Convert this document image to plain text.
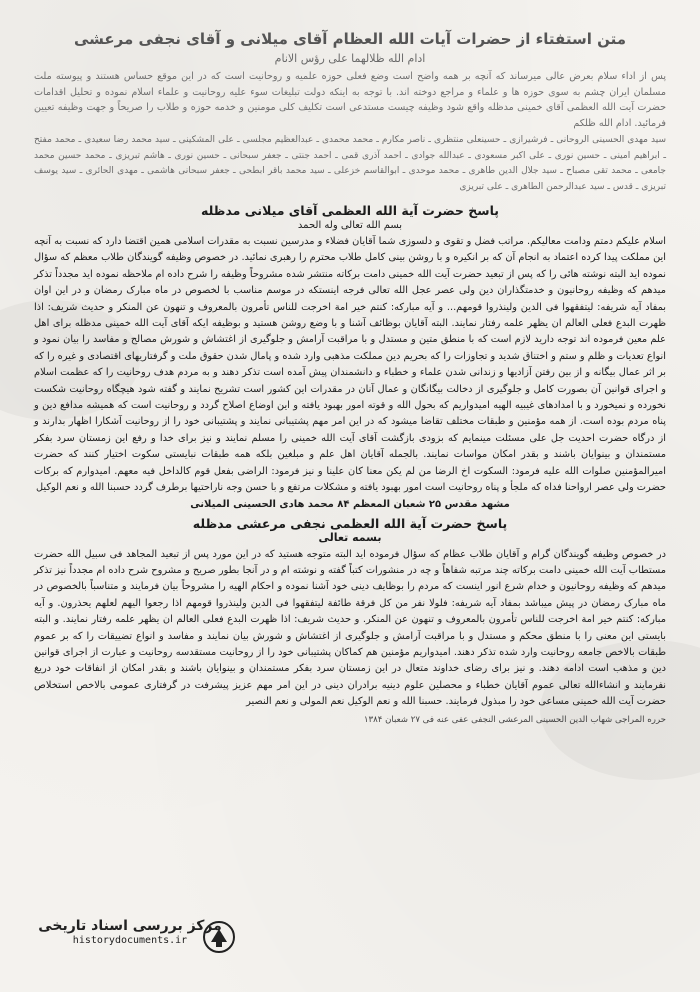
متن استفتاء از حضرات آیات الله العظام آقای میلانی و آقای نجفی مرعشی
ادام الله ظلالهما علی رؤس الانام

پس از اداء سلام بعرض عالی میرساند که آنچه بر همه واضح است وضع فعلی حوزه علمیه و روحانیت است که در این موقع حساس هستند و پیوسته ملت مسلمان ایران چشم به سوی حوزه ها و علماء و مراجع دوخته اند. با توجه به اینکه دولت تبلیغات سوء علیه روحانیت و علماء اسلام نموده و تحلیل اقدامات حضرت آیت الله العظمی آقای خمینی مدظله واقع شود وظیفه چیست مستدعی است تکلیف کلی مومنین و خدمه حوزه و طلاب را صریحاً و جهت وظیفه تعیین فرمائید. ادام الله ظلکم

سید مهدی الحسینی الروحانی ـ فرشیرازی ـ حسینعلی منتظری ـ ناصر مکارم ـ محمد محمدی ـ عبدالعظیم مجلسی ـ علی المشکینی ـ سید محمد رضا سعیدی ـ محمد مفتح ـ ابراهیم امینی ـ حسین نوری ـ علی اکبر مسعودی ـ عبدالله جوادی ـ احمد آذری قمی ـ احمد جنتی ـ جعفر سبحانی ـ حسین نوری ـ هاشم تبریزی ـ محمد حسین محمد جامعی ـ محمد تقی مصباح ـ سید جلال الدین طاهری ـ محمد موحدی ـ ابوالقاسم خزعلی ـ سید محمد باقر ابطحی ـ جعفر سبحانی هاشمی ـ مهدی الحائری ـ سید یوسف تبریزی ـ قدس ـ سید عبدالرحمن الطاهری ـ علی تبریزی

پاسخ حضرت آیة الله العظمی آقای میلانی مدظله
بسم الله تعالی وله الحمد

اسلام علیکم دمتم ودامت معالیکم. مراتب فضل و تقوی و دلسوزی شما آقایان فضلاء و مدرسین نسبت به مقدرات اسلامی همین اقتضا دارد که نسبت به آنچه این مملکت پیدا کرده اعتماد به انجام آن که بر انکیره و با روشن بینی کامل طلاب محترم را رهبری نمائید. در خصوص وظیفه گویندگان طلاب معظم که سؤال نموده اید البته نوشته هائی را که پس از تبعید حضرت آیت الله خمینی دامت برکاته منتشر شده مشروحاً وظیفه را شرح داده ام ملاحظه نموده اید مجدداً تذکر میدهم که وظیفه روحانیون و خدمتگذاران دین ولی عصر عجل الله تعالی فرجه اینستکه در موسم مناسب با لخصوص در ماه مبارک رمضان و در این اوان بمفاد آیه شریفه: لیتفقهوا فی الدین ولینذروا قومهم... و آیه مبارکه: کنتم خیر امة اخرجت للناس تأمرون بالمعروف و تنهون عن المنکر و حدیث شریف: اذا ظهرت البدع فعلی العالم ان یظهر علمه رفتار نمایند. البته آقایان بوظائف آشنا و با وضع روشن هستید و بوظیفه ایکه آقای آیت الله خمینی مدظله برای اهل علم معین فرموده اند توجه دارید لازم است که با منطق متین و مستدل و با مراقبت آرامش و جلوگیری از اغتشاش و شورش مصالح و مفاسد را بیان نمود و انواع تعدیات و ظلم و ستم و اختناق شدید و تجاوزات را که بحریم دین مملکت مذهبی وارد شده و پامال شدن حقوق ملت و گرفتاریهای اقتصادی و غیره را که بر اثر عمال بیگانه و از بین رفتن آزادیها و زندانی شدن علماء و خطباء و دانشمندان پیش آمده است تذکر دهند و به مردم هدف روحانیت را که عظمت اسلام و اجرای قوانین آن بصورت کامل و جلوگیری از دخالت بیگانگان و عمال آنان در مقدرات این کشور است تشریح نمایند و گفته شود هیچگاه روحانیت شکست نخورده و نمیخورد و با امدادهای غیبیه الهیه امیدواریم که بحول الله و قوته امور بهبود یافته و این اوضاع اصلاح گردد و روحانیت است که همیشه مدافع دین و پناه مردم بوده است. از همه مؤمنین و طبقات مختلف تقاضا میشود که در این امر مهم پشتیبانی نمایند و پشتیبانی خود را از روحانیت آشکارا اظهار بدارند و از درگاه حضرت احدیت جل علی مسئلت مینمایم که بزودی بازگشت آقای آیت الله خمینی را مسلم نمایند و نیز برای خدا و رفع این زمستان سرد بفکر مستمندان و بینوایان باشند و بقدر امکان مواسات نمایند. بالجمله آقایان اهل علم و مبلغین بلکه همه طبقات نبایستی سکوت اختیار کنند که حضرت امیرالمؤمنین صلوات الله علیه فرمود: السکوت اخ الرضا من لم یکن معنا کان علینا و نیز فرمود: الراضی بفعل قوم کالداخل فیه معهم. امیدوارم که برکات حضرت ولی عصر ارواحنا فداه که ملجأ و پناه روحانیت است امور بهبود یافته و مشکلات مرتفع و با حسن وجه ناراحتیها برطرف گردد حسبنا الله و نعم الوکیل

مشهد مقدس ۲۵ شعبان المعظم ۸۴ محمد هادی الحسینی المیلانی
پاسخ حضرت آیة الله العظمی نجفی مرعشی مدظله
بسمه تعالی

در خصوص وظیفه گویندگان گرام و آقایان طلاب عظام که سؤال فرموده اید البته متوجه هستید که در این مورد پس از تبعید المجاهد فی سبیل الله حضرت مستطاب آیت الله خمینی دامت برکاته چند مرتبه شفاهاً و چه در منشورات کتباً گفته و نوشته ام و در آنجا بطور صریح و مشروح شرح داده ام مجدداً نیز تذکر میدهم که وظیفه روحانیون و خدام شرع انور اینست که مردم را بوظایف دینی خود آشنا نموده و احکام الهیه را مشروحاً بیان فرمایند و متناسباً بالخصوص در ماه مبارک رمضان در پیش میباشد بمفاد آیه شریفه: فلولا نفر من کل فرقة طائفة لیتفقهوا فی الدین ولینذروا قومهم اذا رجعوا الیهم لعلهم یحذرون. و آیه مبارکه: کنتم خیر امة اخرجت للناس تأمرون بالمعروف و تنهون عن المنکر. و حدیث شریف: اذا ظهرت البدع فعلی العالم ان یظهر علمه رفتار نمایند. و البته بایستی این معنی را با منطق محکم و مستدل و با مراقبت آرامش و جلوگیری از اغتشاش و شورش بیان نمایند و مفاسد و انواع تضییقات را که بر عموم طبقات بالاخص جامعه روحانیت وارد شده تذکر دهند. امیدواریم مؤمنین هم کماکان پشتیبانی خود را از روحانیت مستقدسه روحانیت و عبارت از اجرای قوانین دین و مذهب است ادامه دهند. و نیز برای رضای خداوند متعال در این زمستان سرد بفکر مستمندان و بینوایان باشند و بقدر امکان از انفاقات خود دریغ نفرمایند و انشاءالله تعالی عموم آقایان خطباء و محصلین علوم دینیه برادران دینی در این امر مهم عزیز پیشرفت در گرفتاری عمومی بالاخص استخلاص حضرت آیت الله خمینی مساعی خود را مبذول فرمایند. حسبنا الله و نعم الوکیل نعم المولی و نعم النصیر

حرره المراجی شهاب الدین الحسینی المرعشی النجفی عفی عنه فی ۲۷ شعبان ۱۳۸۴
مرکز بررسی اسناد تاریخی
historydocuments.ir
